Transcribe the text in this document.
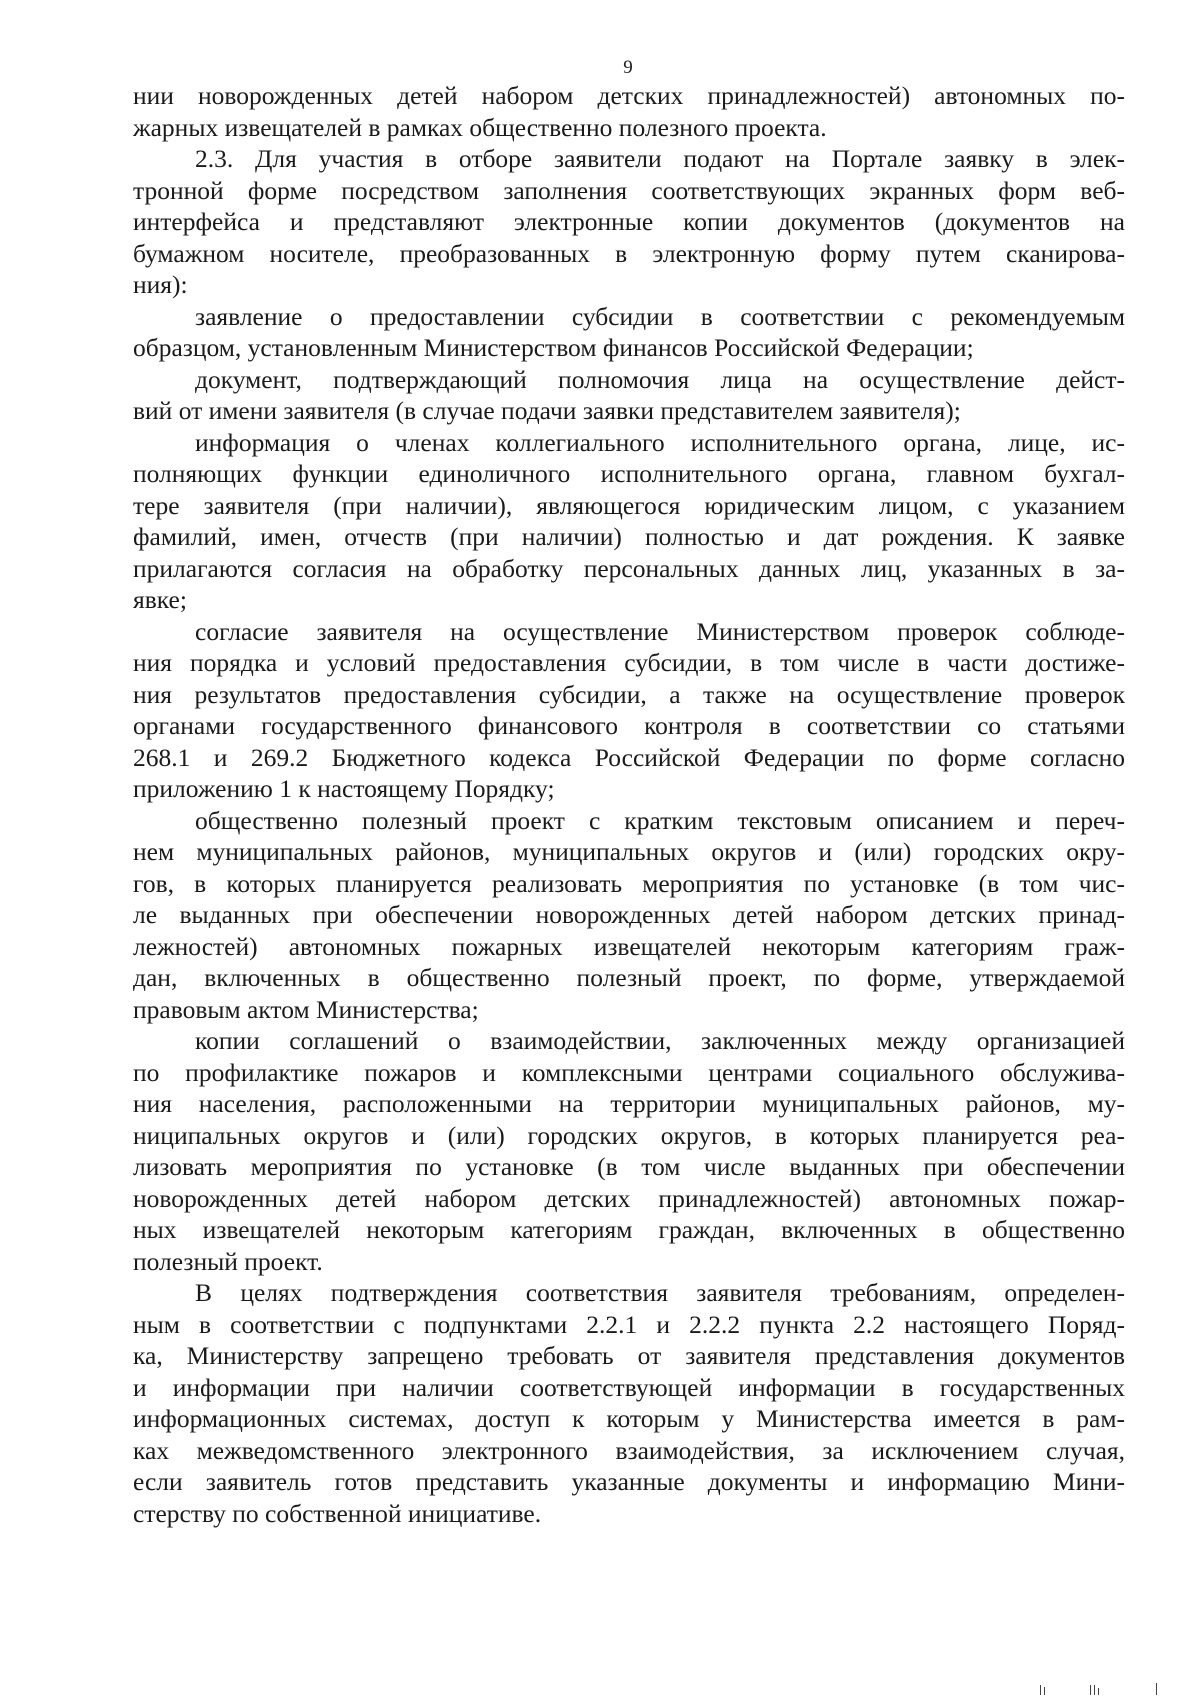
9
нии новорожденных детей набором детских принадлежностей) автономных по-
жарных извещателей в рамках общественно полезного проекта.
2.3. Для участия в отборе заявители подают на Портале заявку в элек-
тронной форме посредством заполнения соответствующих экранных форм веб-
интерфейса и представляют электронные копии документов (документов на
бумажном носителе, преобразованных в электронную форму путем сканирова-
ния):
заявление о предоставлении субсидии в соответствии с рекомендуемым
образцом, установленным Министерством финансов Российской Федерации;
документ, подтверждающий полномочия лица на осуществление дейст-
вий от имени заявителя (в случае подачи заявки представителем заявителя);
информация о членах коллегиального исполнительного органа, лице, ис-
полняющих функции единоличного исполнительного органа, главном бухгал-
тере заявителя (при наличии), являющегося юридическим лицом, с указанием
фамилий, имен, отчеств (при наличии) полностью и дат рождения. К заявке
прилагаются согласия на обработку персональных данных лиц, указанных в за-
явке;
согласие заявителя на осуществление Министерством проверок соблюде-
ния порядка и условий предоставления субсидии, в том числе в части достиже-
ния результатов предоставления субсидии, а также на осуществление проверок
органами государственного финансового контроля в соответствии со статьями
268.1 и 269.2 Бюджетного кодекса Российской Федерации по форме согласно
приложению 1 к настоящему Порядку;
общественно полезный проект с кратким текстовым описанием и переч-
нем муниципальных районов, муниципальных округов и (или) городских окру-
гов, в которых планируется реализовать мероприятия по установке (в том чис-
ле выданных при обеспечении новорожденных детей набором детских принад-
лежностей) автономных пожарных извещателей некоторым категориям граж-
дан, включенных в общественно полезный проект, по форме, утверждаемой
правовым актом Министерства;
копии соглашений о взаимодействии, заключенных между организацией
по профилактике пожаров и комплексными центрами социального обслужива-
ния населения, расположенными на территории муниципальных районов, му-
ниципальных округов и (или) городских округов, в которых планируется реа-
лизовать мероприятия по установке (в том числе выданных при обеспечении
новорожденных детей набором детских принадлежностей) автономных пожар-
ных извещателей некоторым категориям граждан, включенных в общественно
полезный проект.
В целях подтверждения соответствия заявителя требованиям, определен-
ным в соответствии с подпунктами 2.2.1 и 2.2.2 пункта 2.2 настоящего Поряд-
ка, Министерству запрещено требовать от заявителя представления документов
и информации при наличии соответствующей информации в государственных
информационных системах, доступ к которым у Министерства имеется в рам-
ках межведомственного электронного взаимодействия, за исключением случая,
если заявитель готов представить указанные документы и информацию Мини-
стерству по собственной инициативе.
